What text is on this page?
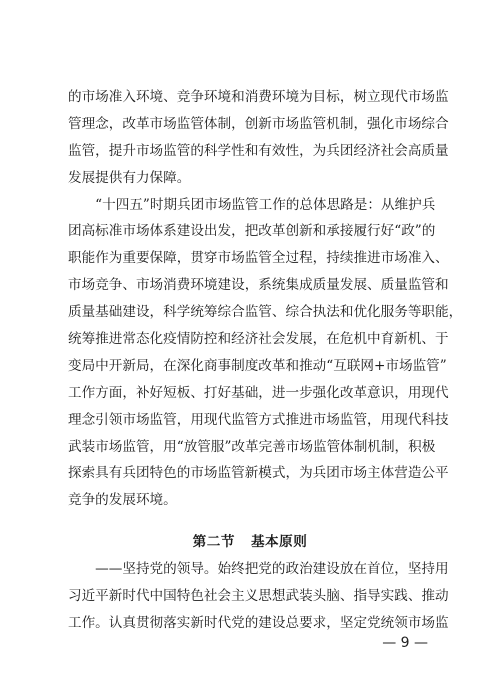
的市场准入环境、竞争环境和消费环境为目标，树立现代市场监

管理念，改革市场监管体制，创新市场监管机制，强化市场综合

监管，提升市场监管的科学性和有效性，为兵团经济社会高质量

发展提供有力保障。

　　“十四五”时期兵团市场监管工作的总体思路是：从维护兵

团高标准市场体系建设出发，把改革创新和承接履行好“政”的

职能作为重要保障，贯穿市场监管全过程，持续推进市场准入、

市场竞争、市场消费环境建设，系统集成质量发展、质量监管和

质量基础建设，科学统筹综合监管、综合执法和优化服务等职能，

统筹推进常态化疫情防控和经济社会发展，在危机中育新机、于

变局中开新局，在深化商事制度改革和推动“互联网+市场监管”

工作方面，补好短板、打好基础，进一步强化改革意识，用现代

理念引领市场监管，用现代监管方式推进市场监管，用现代科技

武装市场监管，用“放管服”改革完善市场监管体制机制，积极

探索具有兵团特色的市场监管新模式，为兵团市场主体营造公平

竞争的发展环境。

第二节 基本原则

　　——坚持党的领导。始终把党的政治建设放在首位，坚持用

习近平新时代中国特色社会主义思想武装头脑、指导实践、推动

工作。认真贯彻落实新时代党的建设总要求，坚定党统领市场监

— 9 —
